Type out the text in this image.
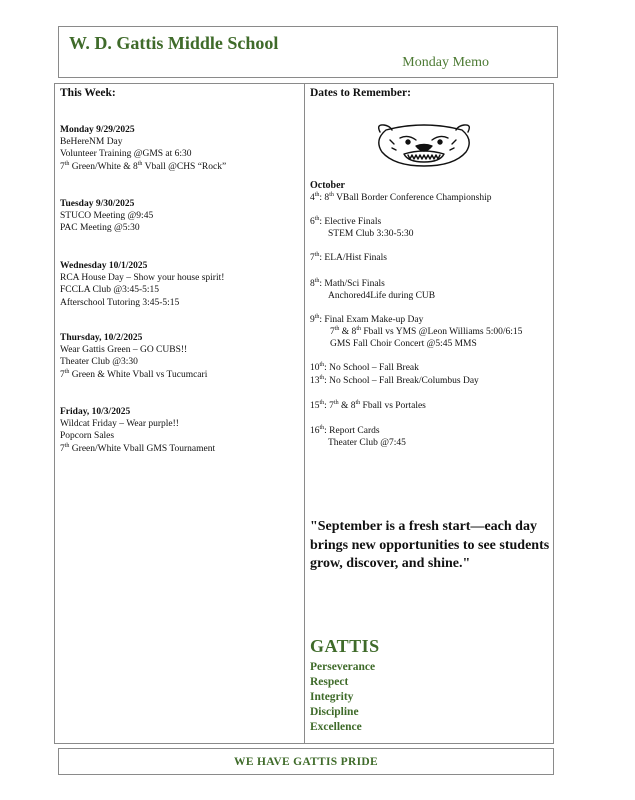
W. D. Gattis Middle School
Monday Memo
This Week:
Monday 9/29/2025
BeHereNM Day
Volunteer Training @GMS at 6:30
7th Green/White & 8th Vball @CHS “Rock”
Tuesday 9/30/2025
STUCO Meeting @9:45
PAC Meeting @5:30
Wednesday 10/1/2025
RCA House Day – Show your house spirit!
FCCLA Club @3:45-5:15
Afterschool Tutoring 3:45-5:15
Thursday, 10/2/2025
Wear Gattis Green – GO CUBS!!
Theater Club @3:30
7th Green & White Vball vs Tucumcari
Friday, 10/3/2025
Wildcat Friday – Wear purple!!
Popcorn Sales
7th Green/White Vball GMS Tournament
Dates to Remember:
October
4th: 8th VBall Border Conference Championship
6th: Elective Finals
STEM Club 3:30-5:30
7th: ELA/Hist Finals
8th: Math/Sci Finals
Anchored4Life during CUB
9th: Final Exam Make-up Day
7th & 8th Fball vs YMS @Leon Williams 5:00/6:15
GMS Fall Choir Concert @5:45 MMS
10th: No School – Fall Break
13th: No School – Fall Break/Columbus Day
15th: 7th & 8th Fball vs Portales
16th: Report Cards
Theater Club @7:45
"September is a fresh start—each day brings new opportunities to see students grow, discover, and shine."
GATTIS
Perseverance
Respect
Integrity
Discipline
Excellence
WE HAVE GATTIS PRIDE
